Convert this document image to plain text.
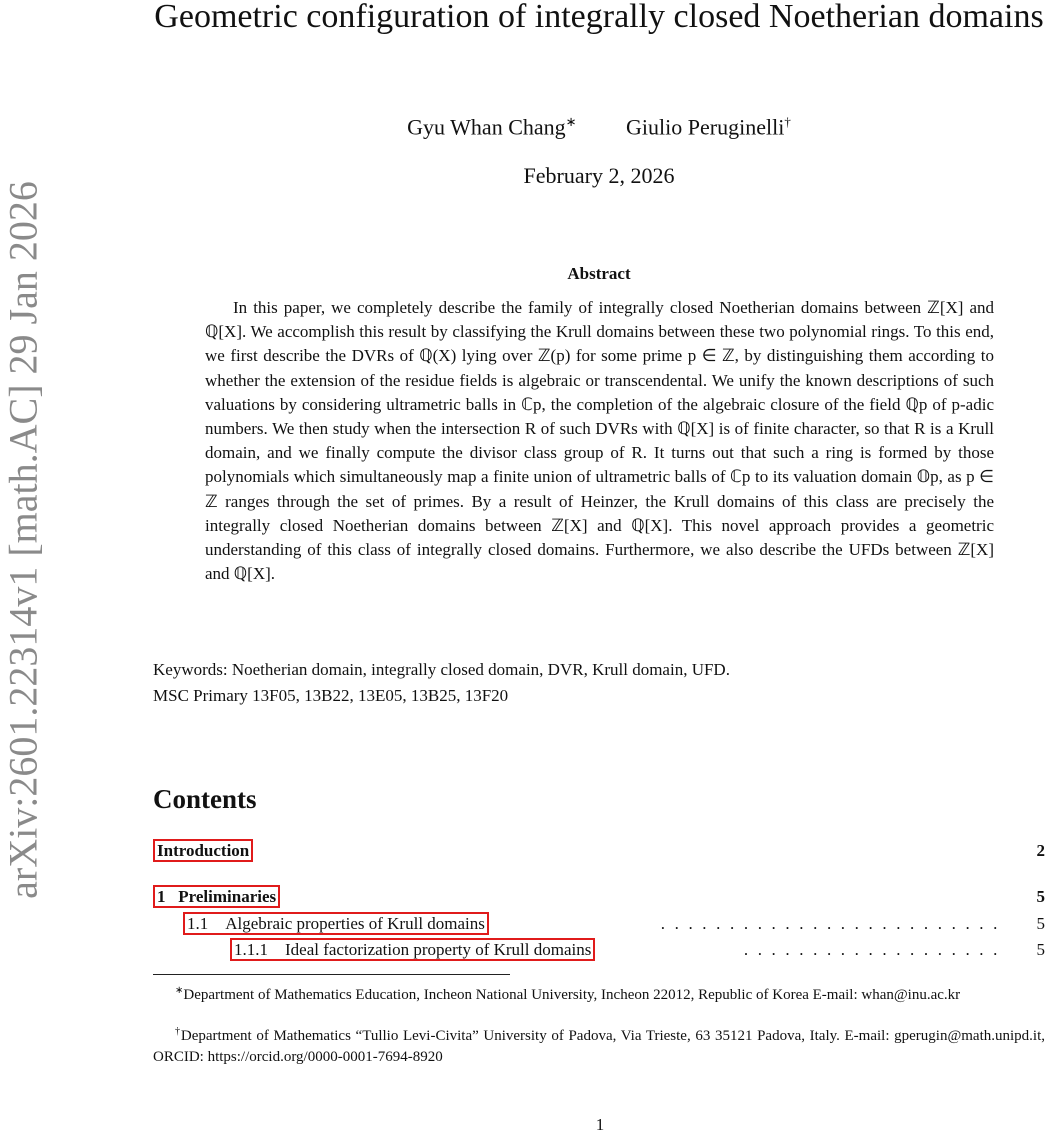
arXiv:2601.22314v1 [math.AC] 29 Jan 2026
Geometric configuration of integrally closed Noetherian domains
Gyu Whan Chang∗ Giulio Peruginelli†
February 2, 2026
Abstract

In this paper, we completely describe the family of integrally closed Noetherian domains between ℤ[X] and ℚ[X]. We accomplish this result by classifying the Krull domains between these two polynomial rings. To this end, we first describe the DVRs of ℚ(X) lying over ℤ(p) for some prime p ∈ ℤ, by distinguishing them according to whether the extension of the residue fields is algebraic or transcendental. We unify the known descriptions of such valuations by considering ultrametric balls in ℂp, the completion of the algebraic closure of the field ℚp of p-adic numbers. We then study when the intersection R of such DVRs with ℚ[X] is of finite character, so that R is a Krull domain, and we finally compute the divisor class group of R. It turns out that such a ring is formed by those polynomials which simultaneously map a finite union of ultrametric balls of ℂp to its valuation domain 𝕆p, as p ∈ ℤ ranges through the set of primes. By a result of Heinzer, the Krull domains of this class are precisely the integrally closed Noetherian domains between ℤ[X] and ℚ[X]. This novel approach provides a geometric understanding of this class of integrally closed domains. Furthermore, we also describe the UFDs between ℤ[X] and ℚ[X].

Keywords: Noetherian domain, integrally closed domain, DVR, Krull domain, UFD.
MSC Primary 13F05, 13B22, 13E05, 13B25, 13F20
Contents
Introduction	2
1 Preliminaries	5
1.1 Algebraic properties of Krull domains	......................... 5
1.1.1 Ideal factorization property of Krull domains	................... 5

∗Department of Mathematics Education, Incheon National University, Incheon 22012, Republic of Korea E-mail: whan@inu.ac.kr

†Department of Mathematics “Tullio Levi-Civita” University of Padova, Via Trieste, 63 35121 Padova, Italy. E-mail: gperugin@math.unipd.it, ORCID: https://orcid.org/0000-0001-7694-8920

1
